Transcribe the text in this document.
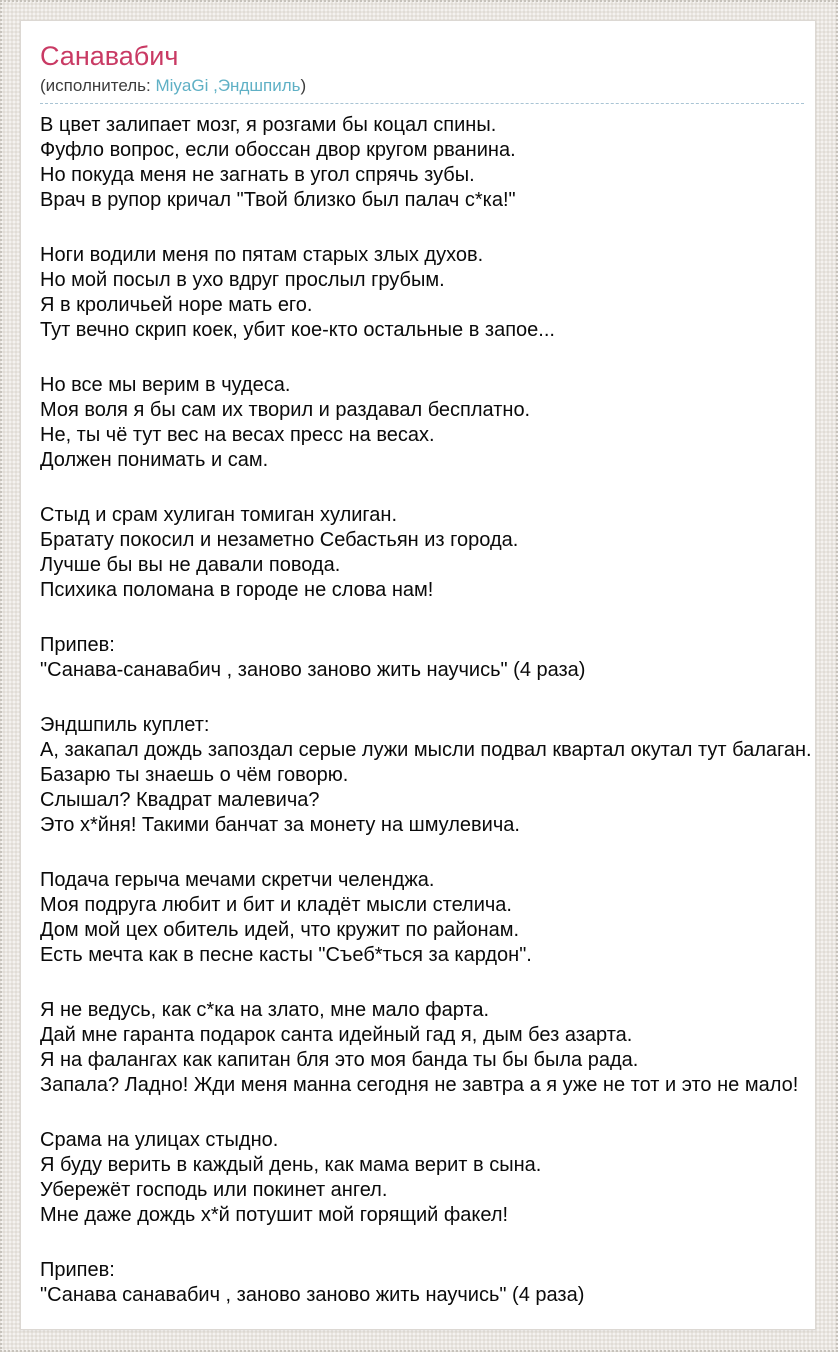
Санавабич
(исполнитель: MiyaGi ,Эндшпиль)
В цвет залипает мозг, я розгами бы коцал спины.
Фуфло вопрос, если обоссан двор кругом рванина.
Но покуда меня не загнать в угол спрячь зубы.
Врач в рупор кричал "Твой близко был палач с*ка!"
Ноги водили меня по пятам старых злых духов.
Но мой посыл в ухо вдруг прослыл грубым.
Я в кроличьей норе мать его.
Тут вечно скрип коек, убит кое-кто остальные в запое...
Но все мы верим в чудеса.
Моя воля я бы сам их творил и раздавал бесплатно.
Не, ты чё тут вес на весах пресс на весах.
Должен понимать и сам.
Стыд и срам хулиган томиган хулиган.
Братату покосил и незаметно Себастьян из города.
Лучше бы вы не давали повода.
Психика поломана в городе не слова нам!
Припев:
"Санава-санавабич , заново заново жить научись" (4 раза)
Эндшпиль куплет:
А, закапал дождь запоздал серые лужи мысли подвал квартал окутал тут балаган.
Базарю ты знаешь о чём говорю.
Слышал? Квадрат малевича?
Это х*йня! Такими банчат за монету на шмулевича.
Подача герыча мечами скретчи челенджа.
Моя подруга любит и бит и кладёт мысли стелича.
Дом мой цех обитель идей, что кружит по районам.
Есть мечта как в песне касты "Съеб*ться за кардон".
Я не ведусь, как с*ка на злато, мне мало фарта.
Дай мне гаранта подарок санта идейный гад я, дым без азарта.
Я на фалангах как капитан бля это моя банда ты бы была рада.
Запала? Ладно! Жди меня манна сегодня не завтра а я уже не тот и это не мало!
Срама на улицах стыдно.
Я буду верить в каждый день, как мама верит в сына.
Убережёт господь или покинет ангел.
Мне даже дождь х*й потушит мой горящий факел!
Припев:
"Санава санавабич , заново заново жить научись" (4 раза)
